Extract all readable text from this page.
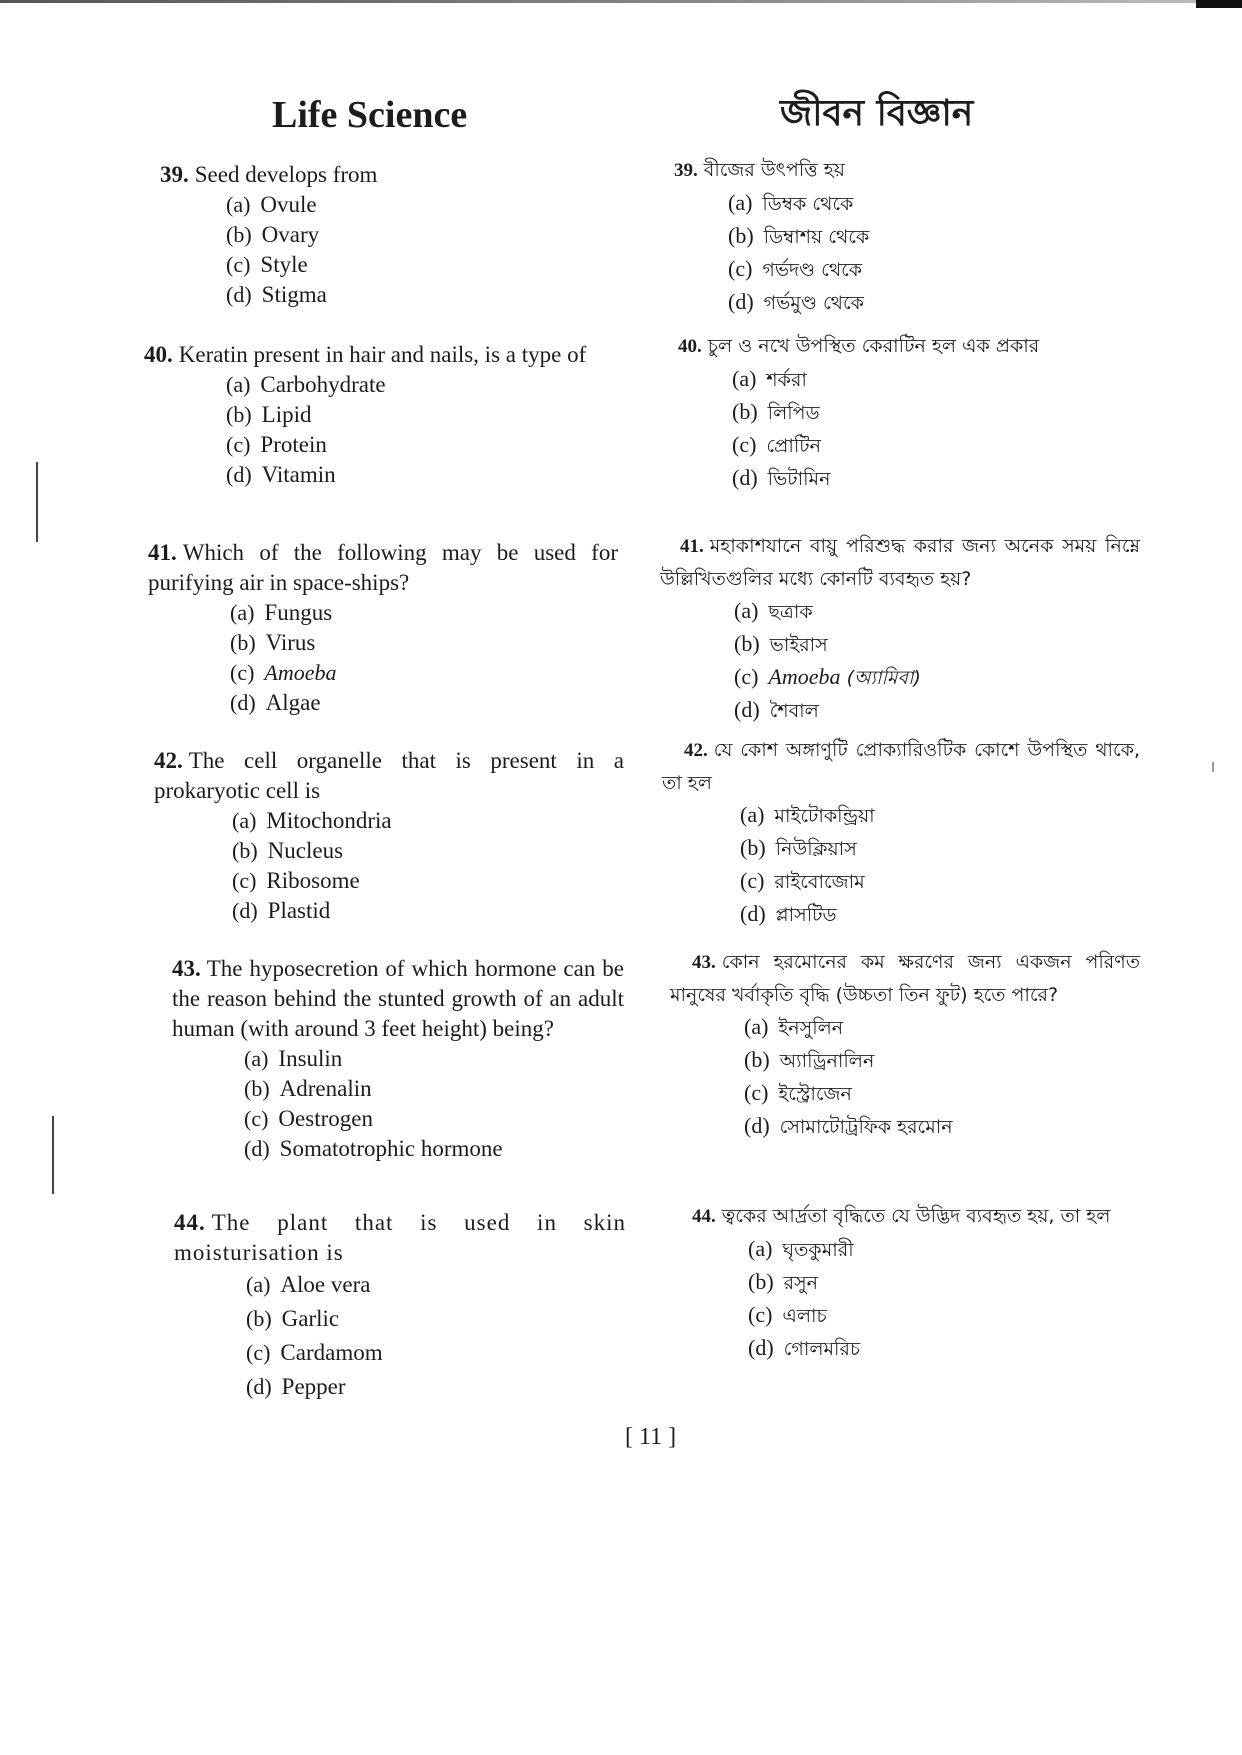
Life Science	জীবন বিজ্ঞান

39. Seed develops from

(a) Ovule
(b) Ovary
(c) Style
(d) Stigma

40. Keratin present in hair and nails, is a type of

(a) Carbohydrate
(b) Lipid
(c) Protein
(d) Vitamin

41. Which of the following may be used for purifying air in space-ships?

(a) Fungus
(b) Virus
(c) Amoeba
(d) Algae

42. The cell organelle that is present in a prokaryotic cell is

(a) Mitochondria
(b) Nucleus
(c) Ribosome
(d) Plastid

43. The hyposecretion of which hormone can be the reason behind the stunted growth of an adult human (with around 3 feet height) being?

(a) Insulin
(b) Adrenalin
(c) Oestrogen
(d) Somatotrophic hormone

44. The plant that is used in skin moisturisation is

(a) Aloe vera
(b) Garlic
(c) Cardamom
(d) Pepper

39. বীজের উৎপত্তি হয়

(a) ডিম্বক থেকে
(b) ডিম্বাশয় থেকে
(c) গর্ভদণ্ড থেকে
(d) গর্ভমুণ্ড থেকে

40. চুল ও নখে উপস্থিত কেরাটিন হল এক প্রকার

(a) শর্করা
(b) লিপিড
(c) প্রোটিন
(d) ভিটামিন

41. মহাকাশযানে বায়ু পরিশুদ্ধ করার জন্য অনেক সময় নিম্নে উল্লিখিতগুলির মধ্যে কোনটি ব্যবহৃত হয়?

(a) ছত্রাক
(b) ভাইরাস
(c) Amoeba (অ্যামিবা)
(d) শৈবাল

42. যে কোশ অঙ্গাণুটি প্রোক্যারিওটিক কোশে উপস্থিত থাকে, তা হল

(a) মাইটোকন্ড্রিয়া
(b) নিউক্লিয়াস
(c) রাইবোজোম
(d) প্লাসটিড

43. কোন হরমোনের কম ক্ষরণের জন্য একজন পরিণত মানুষের খর্বাকৃতি বৃদ্ধি (উচ্চতা তিন ফুট) হতে পারে?

(a) ইনসুলিন
(b) অ্যাড্রিনালিন
(c) ইস্ট্রোজেন
(d) সোমাটোট্রফিক হরমোন

44. ত্বকের আর্দ্রতা বৃদ্ধিতে যে উদ্ভিদ ব্যবহৃত হয়, তা হল

(a) ঘৃতকুমারী
(b) রসুন
(c) এলাচ
(d) গোলমরিচ
[ 11 ]
